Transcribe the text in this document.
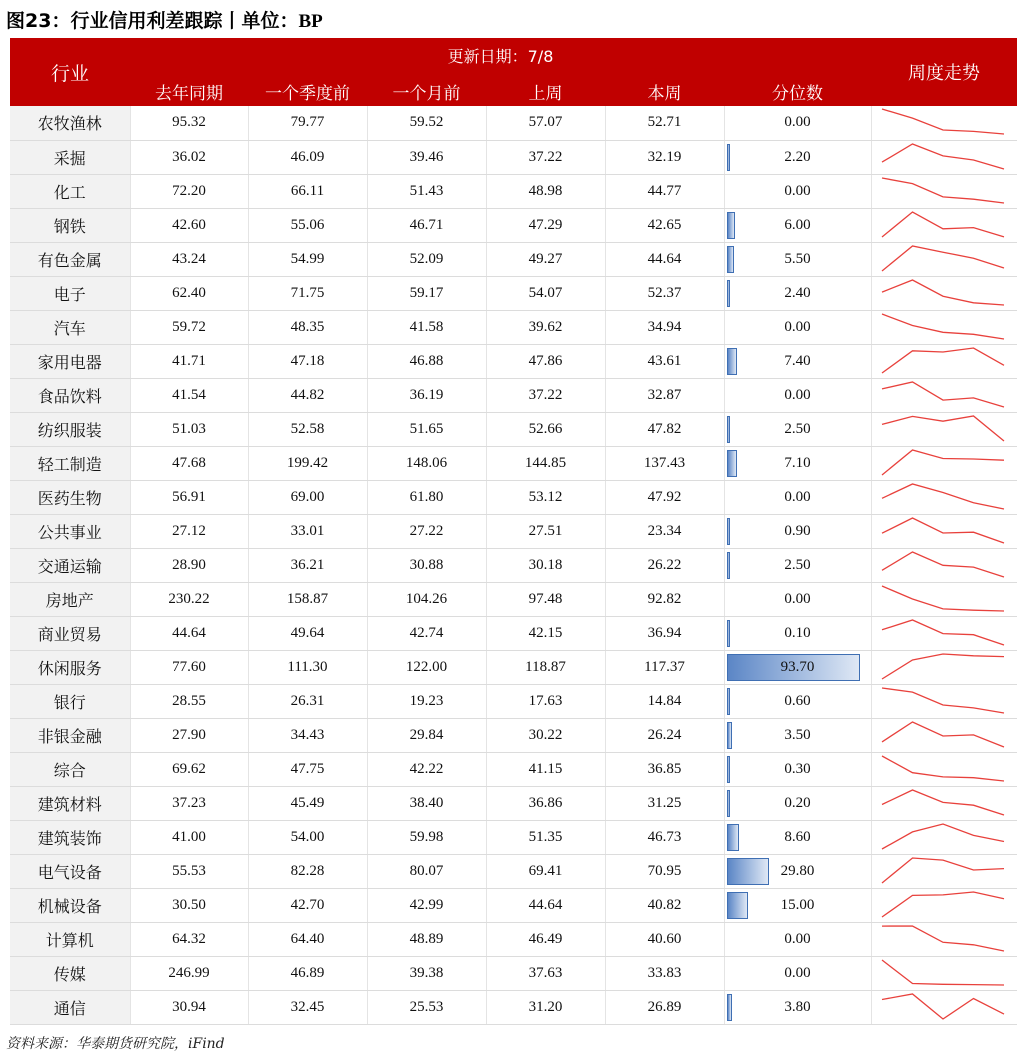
图23：行业信用利差跟踪丨单位：BP
行业	更新日期：7/8						周度走势
	去年同期	一个季度前	一个月前	上周	本周	分位数	
农牧渔林	95.32	79.77	59.52	57.07	52.71	0.00

采掘	36.02	46.09	39.46	37.22	32.19	2.20

化工	72.20	66.11	51.43	48.98	44.77	0.00

钢铁	42.60	55.06	46.71	47.29	42.65	6.00

有色金属	43.24	54.99	52.09	49.27	44.64	5.50

电子	62.40	71.75	59.17	54.07	52.37	2.40

汽车	59.72	48.35	41.58	39.62	34.94	0.00

家用电器	41.71	47.18	46.88	47.86	43.61	7.40

食品饮料	41.54	44.82	36.19	37.22	32.87	0.00

纺织服装	51.03	52.58	51.65	52.66	47.82	2.50

轻工制造	47.68	199.42	148.06	144.85	137.43	7.10

医药生物	56.91	69.00	61.80	53.12	47.92	0.00

公共事业	27.12	33.01	27.22	27.51	23.34	0.90

交通运输	28.90	36.21	30.88	30.18	26.22	2.50

房地产	230.22	158.87	104.26	97.48	92.82	0.00

商业贸易	44.64	49.64	42.74	42.15	36.94	0.10

休闲服务	77.60	111.30	122.00	118.87	117.37	93.70

银行	28.55	26.31	19.23	17.63	14.84	0.60

非银金融	27.90	34.43	29.84	30.22	26.24	3.50

综合	69.62	47.75	42.22	41.15	36.85	0.30

建筑材料	37.23	45.49	38.40	36.86	31.25	0.20

建筑装饰	41.00	54.00	59.98	51.35	46.73	8.60

电气设备	55.53	82.28	80.07	69.41	70.95	29.80

机械设备	30.50	42.70	42.99	44.64	40.82	15.00

计算机	64.32	64.40	48.89	46.49	40.60	0.00

传媒	246.99	46.89	39.38	37.63	33.83	0.00

通信	30.94	32.45	25.53	31.20	26.89	3.80

资料来源：华泰期货研究院，iFind
